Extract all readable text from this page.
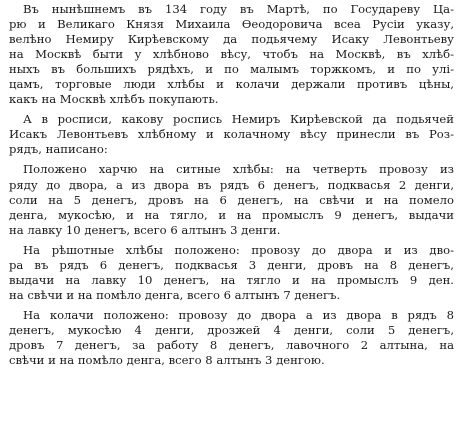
Въ нынѣшнемъ въ 134 году въ Мартѣ, по Государеву Ца-
рю и Великаго Князя Михаила Ѳеодоровича всеа Русіи указу,
велѣно Немиру Кирѣевскому да подьячему Исаку Левонтьеву
на Москвѣ быти у хлѣбново вѣсу, чтобъ на Москвѣ, въ хлѣб-
ныхъ въ большихъ рядѣхъ, и по малымъ торжкомъ, и по улі-
цамъ, торговые люди хлѣбы и колачи держали противъ цѣны,
какъ на Москвѣ хлѣбъ покупають.
А в росписи, какову роспись Немиръ Кирѣевской да подьячей
Исакъ Левонтьевъ хлѣбному и колачному вѣсу принесли въ Роз-
рядъ, написано:
Положено харчю на ситные хлѣбы: на четверть провозу из
ряду до двора, а из двора въ рядъ 6 денегъ, подквасья 2 денги,
соли на 5 денегъ, дровъ на 6 денегъ, на свѣчи и на помело
денга, мукосѣю, и на тягло, и на промыслъ 9 денегъ, выдачи
на лавку 10 денегъ, всего 6 алтынъ 3 денги.
На рѣшотные хлѣбы положено: провозу до двора и из дво-
ра въ рядъ 6 денегъ, подквасья 3 денги, дровъ на 8 денегъ,
выдачи на лавку 10 денегъ, на тягло и на промыслъ 9 ден.
на свѣчи и на помѣло денга, всего 6 алтынъ 7 денегъ.
На колачи положено: провозу до двора а из двора в рядъ 8
денегъ, мукосѣю 4 денги, дрозжей 4 денги, соли 5 денегъ,
дровъ 7 денегъ, за работу 8 денегъ, лавочного 2 алтына, на
свѣчи и на помѣло денга, всего 8 алтынъ 3 денгою.
